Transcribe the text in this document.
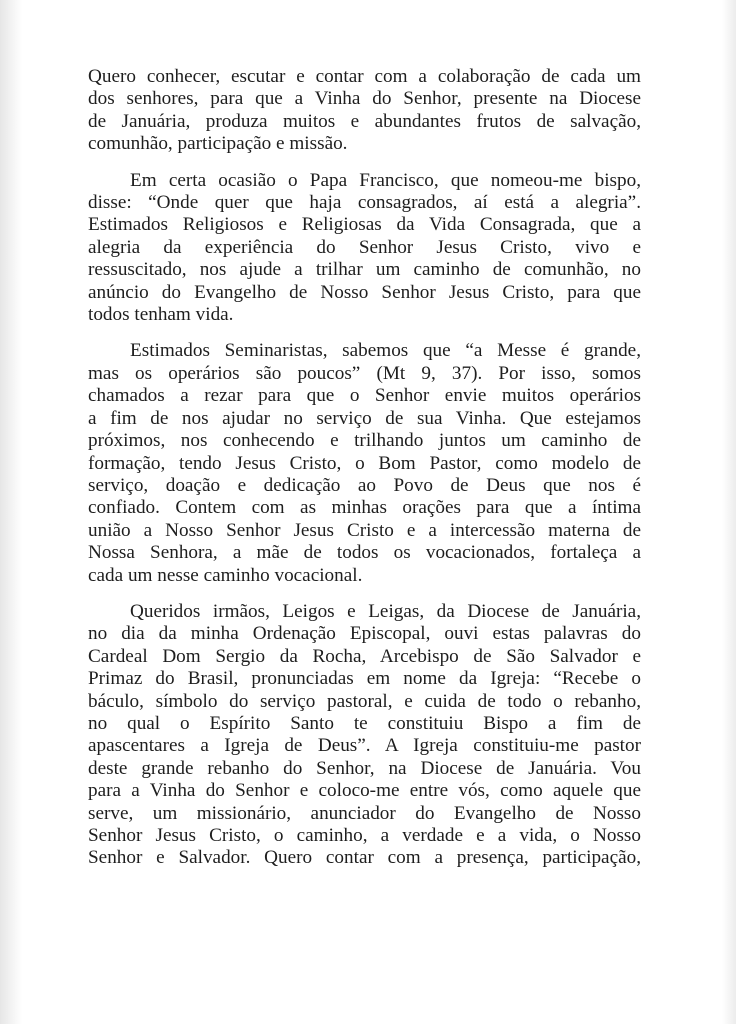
Quero conhecer, escutar e contar com a colaboração de cada um
dos senhores, para que a Vinha do Senhor, presente na Diocese
de Januária, produza muitos e abundantes frutos de salvação,
comunhão, participação e missão.

Em certa ocasião o Papa Francisco, que nomeou-me bispo,
disse: “Onde quer que haja consagrados, aí está a alegria”.
Estimados Religiosos e Religiosas da Vida Consagrada, que a
alegria da experiência do Senhor Jesus Cristo, vivo e
ressuscitado, nos ajude a trilhar um caminho de comunhão, no
anúncio do Evangelho de Nosso Senhor Jesus Cristo, para que
todos tenham vida.

Estimados Seminaristas, sabemos que “a Messe é grande,
mas os operários são poucos” (Mt 9, 37). Por isso, somos
chamados a rezar para que o Senhor envie muitos operários
a fim de nos ajudar no serviço de sua Vinha. Que estejamos
próximos, nos conhecendo e trilhando juntos um caminho de
formação, tendo Jesus Cristo, o Bom Pastor, como modelo de
serviço, doação e dedicação ao Povo de Deus que nos é
confiado. Contem com as minhas orações para que a íntima
união a Nosso Senhor Jesus Cristo e a intercessão materna de
Nossa Senhora, a mãe de todos os vocacionados, fortaleça a
cada um nesse caminho vocacional.

Queridos irmãos, Leigos e Leigas, da Diocese de Januária,
no dia da minha Ordenação Episcopal, ouvi estas palavras do
Cardeal Dom Sergio da Rocha, Arcebispo de São Salvador e
Primaz do Brasil, pronunciadas em nome da Igreja: “Recebe o
báculo, símbolo do serviço pastoral, e cuida de todo o rebanho,
no qual o Espírito Santo te constituiu Bispo a fim de
apascentares a Igreja de Deus”. A Igreja constituiu-me pastor
deste grande rebanho do Senhor, na Diocese de Januária. Vou
para a Vinha do Senhor e coloco-me entre vós, como aquele que
serve, um missionário, anunciador do Evangelho de Nosso
Senhor Jesus Cristo, o caminho, a verdade e a vida, o Nosso
Senhor e Salvador. Quero contar com a presença, participação,
